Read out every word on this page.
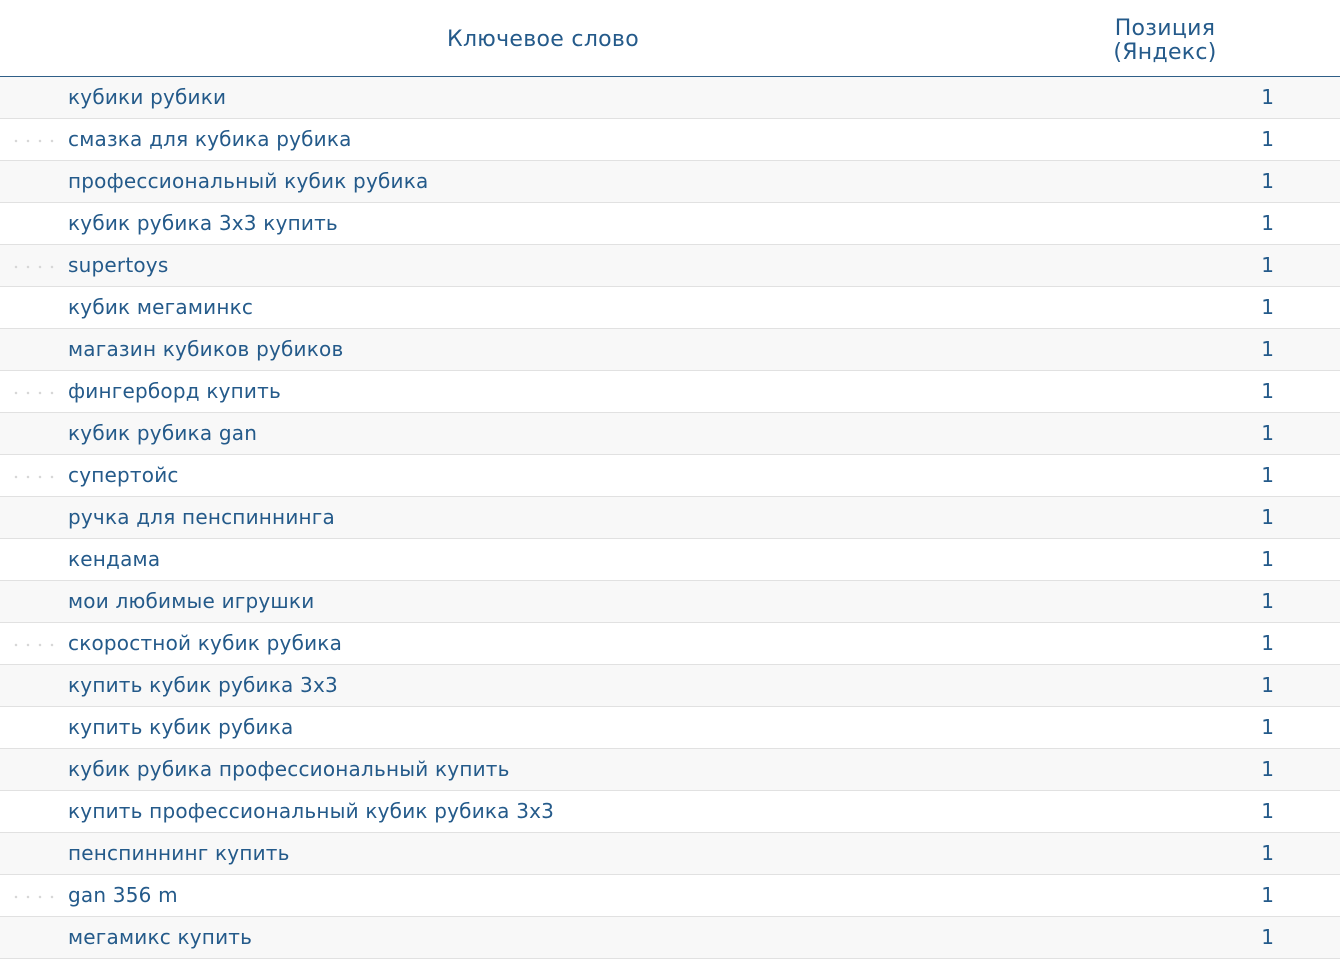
Ключевое слово	Позиция
(Яндекс)
кубики рубики	1
смазка для кубика рубика	1
профессиональный кубик рубика	1
кубик рубика 3х3 купить	1
supertoys	1
кубик мегаминкс	1
магазин кубиков рубиков	1
фингерборд купить	1
кубик рубика gan	1
супертойс	1
ручка для пенспиннинга	1
кендама	1
мои любимые игрушки	1
скоростной кубик рубика	1
купить кубик рубика 3х3	1
купить кубик рубика	1
кубик рубика профессиональный купить	1
купить профессиональный кубик рубика 3х3	1
пенспиннинг купить	1
gan 356 m	1
мегамикс купить	1
